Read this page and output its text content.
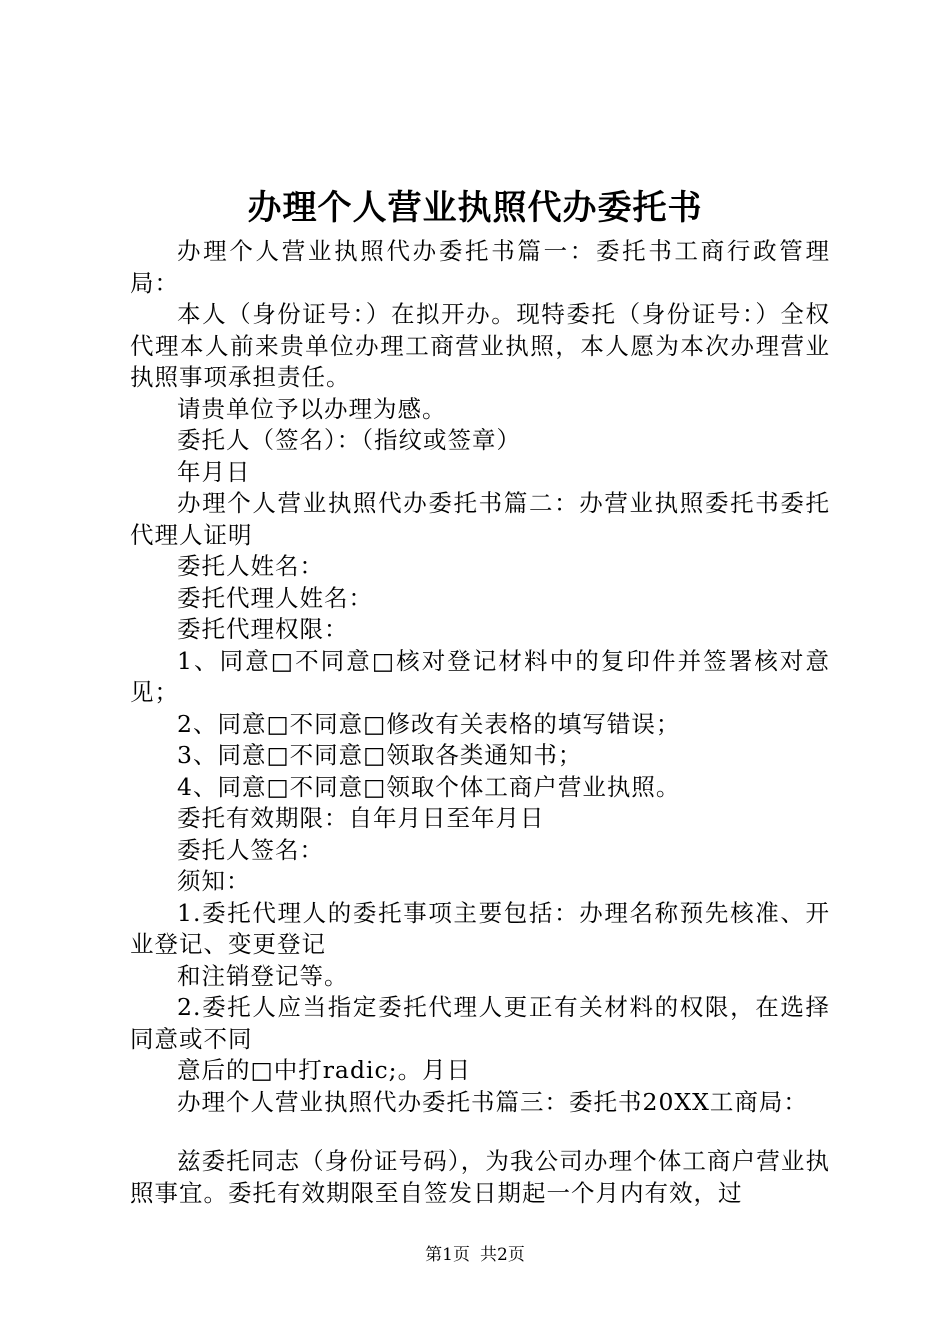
办理个人营业执照代办委托书

办理个人营业执照代办委托书篇一：委托书工商行政管理局：

本人（身份证号：）在拟开办。现特委托（身份证号：）全权代理本人前来贵单位办理工商营业执照，本人愿为本次办理营业执照事项承担责任。

请贵单位予以办理为感。

委托人（签名）：（指纹或签章）

年月日

办理个人营业执照代办委托书篇二：办营业执照委托书委托代理人证明

委托人姓名：

委托代理人姓名：

委托代理权限：

1、同意□不同意□核对登记材料中的复印件并签署核对意见；

2、同意□不同意□修改有关表格的填写错误；

3、同意□不同意□领取各类通知书；

4、同意□不同意□领取个体工商户营业执照。

委托有效期限：自年月日至年月日

委托人签名：

须知：

1.委托代理人的委托事项主要包括：办理名称预先核准、开业登记、变更登记

和注销登记等。

2.委托人应当指定委托代理人更正有关材料的权限，在选择同意或不同

意后的□中打radic;。月日

办理个人营业执照代办委托书篇三：委托书20XX工商局：

兹委托同志（身份证号码），为我公司办理个体工商户营业执照事宜。委托有效期限至自签发日期起一个月内有效，过

第1页 共2页
